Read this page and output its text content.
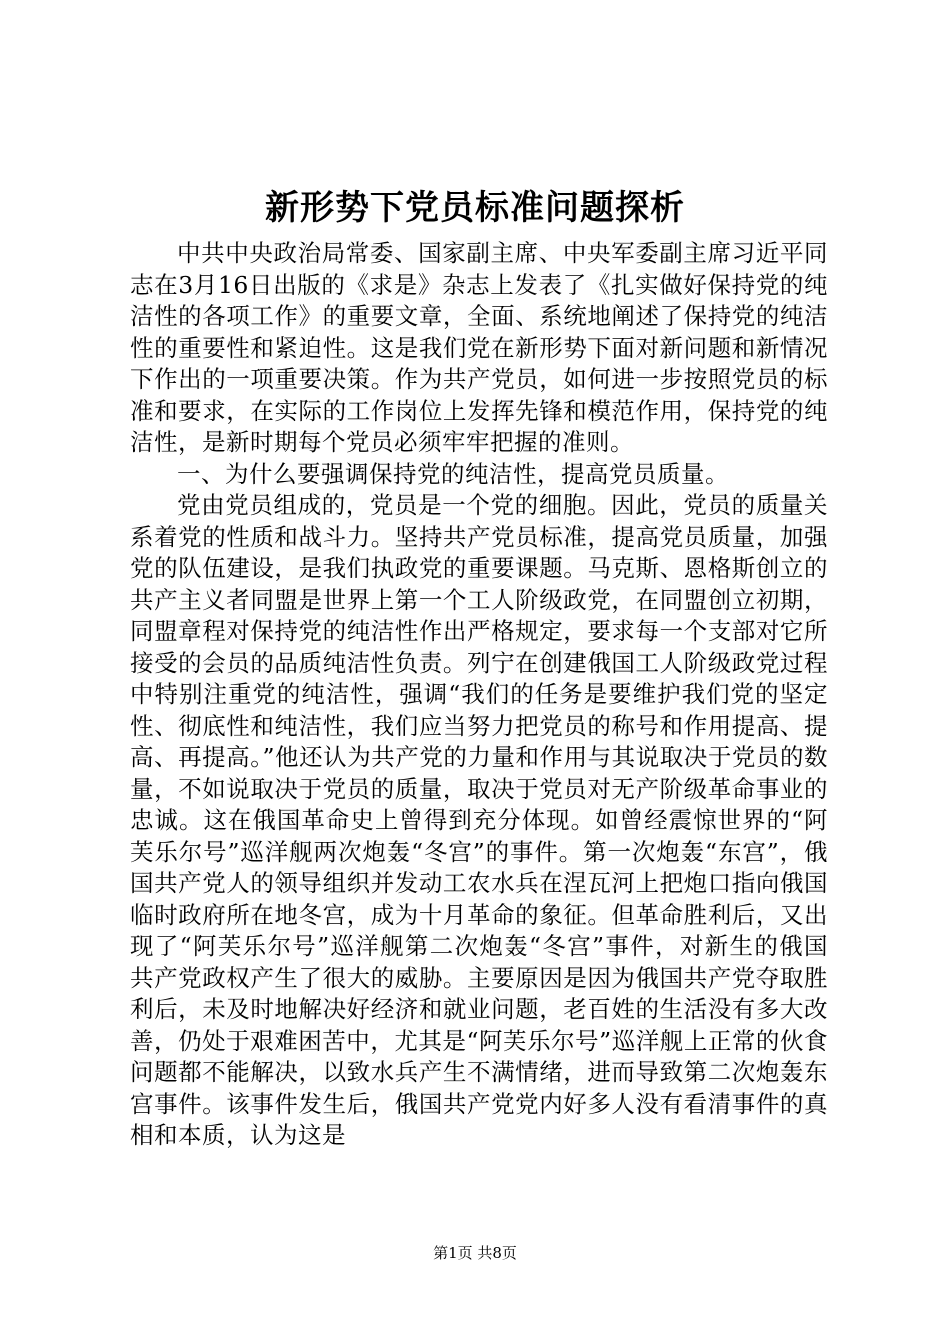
新形势下党员标准问题探析

中共中央政治局常委、国家副主席、中央军委副主席习近平同志在3月16日出版的《求是》杂志上发表了《扎实做好保持党的纯洁性的各项工作》的重要文章，全面、系统地阐述了保持党的纯洁性的重要性和紧迫性。这是我们党在新形势下面对新问题和新情况下作出的一项重要决策。作为共产党员，如何进一步按照党员的标准和要求，在实际的工作岗位上发挥先锋和模范作用，保持党的纯洁性，是新时期每个党员必须牢牢把握的准则。

一、为什么要强调保持党的纯洁性，提高党员质量。

党由党员组成的，党员是一个党的细胞。因此，党员的质量关系着党的性质和战斗力。坚持共产党员标准，提高党员质量，加强党的队伍建设，是我们执政党的重要课题。马克斯、恩格斯创立的共产主义者同盟是世界上第一个工人阶级政党，在同盟创立初期，同盟章程对保持党的纯洁性作出严格规定，要求每一个支部对它所接受的会员的品质纯洁性负责。列宁在创建俄国工人阶级政党过程中特别注重党的纯洁性，强调“我们的任务是要维护我们党的坚定性、彻底性和纯洁性，我们应当努力把党员的称号和作用提高、提高、再提高。”他还认为共产党的力量和作用与其说取决于党员的数量，不如说取决于党员的质量，取决于党员对无产阶级革命事业的忠诚。这在俄国革命史上曾得到充分体现。如曾经震惊世界的“阿芙乐尔号”巡洋舰两次炮轰“冬宫”的事件。第一次炮轰“东宫”，俄国共产党人的领导组织并发动工农水兵在涅瓦河上把炮口指向俄国临时政府所在地冬宫，成为十月革命的象征。但革命胜利后，又出现了“阿芙乐尔号”巡洋舰第二次炮轰“冬宫”事件，对新生的俄国共产党政权产生了很大的威胁。主要原因是因为俄国共产党夺取胜利后，未及时地解决好经济和就业问题，老百姓的生活没有多大改善，仍处于艰难困苦中，尤其是“阿芙乐尔号”巡洋舰上正常的伙食问题都不能解决，以致水兵产生不满情绪，进而导致第二次炮轰东宫事件。该事件发生后，俄国共产党党内好多人没有看清事件的真相和本质，认为这是

第1页 共8页
